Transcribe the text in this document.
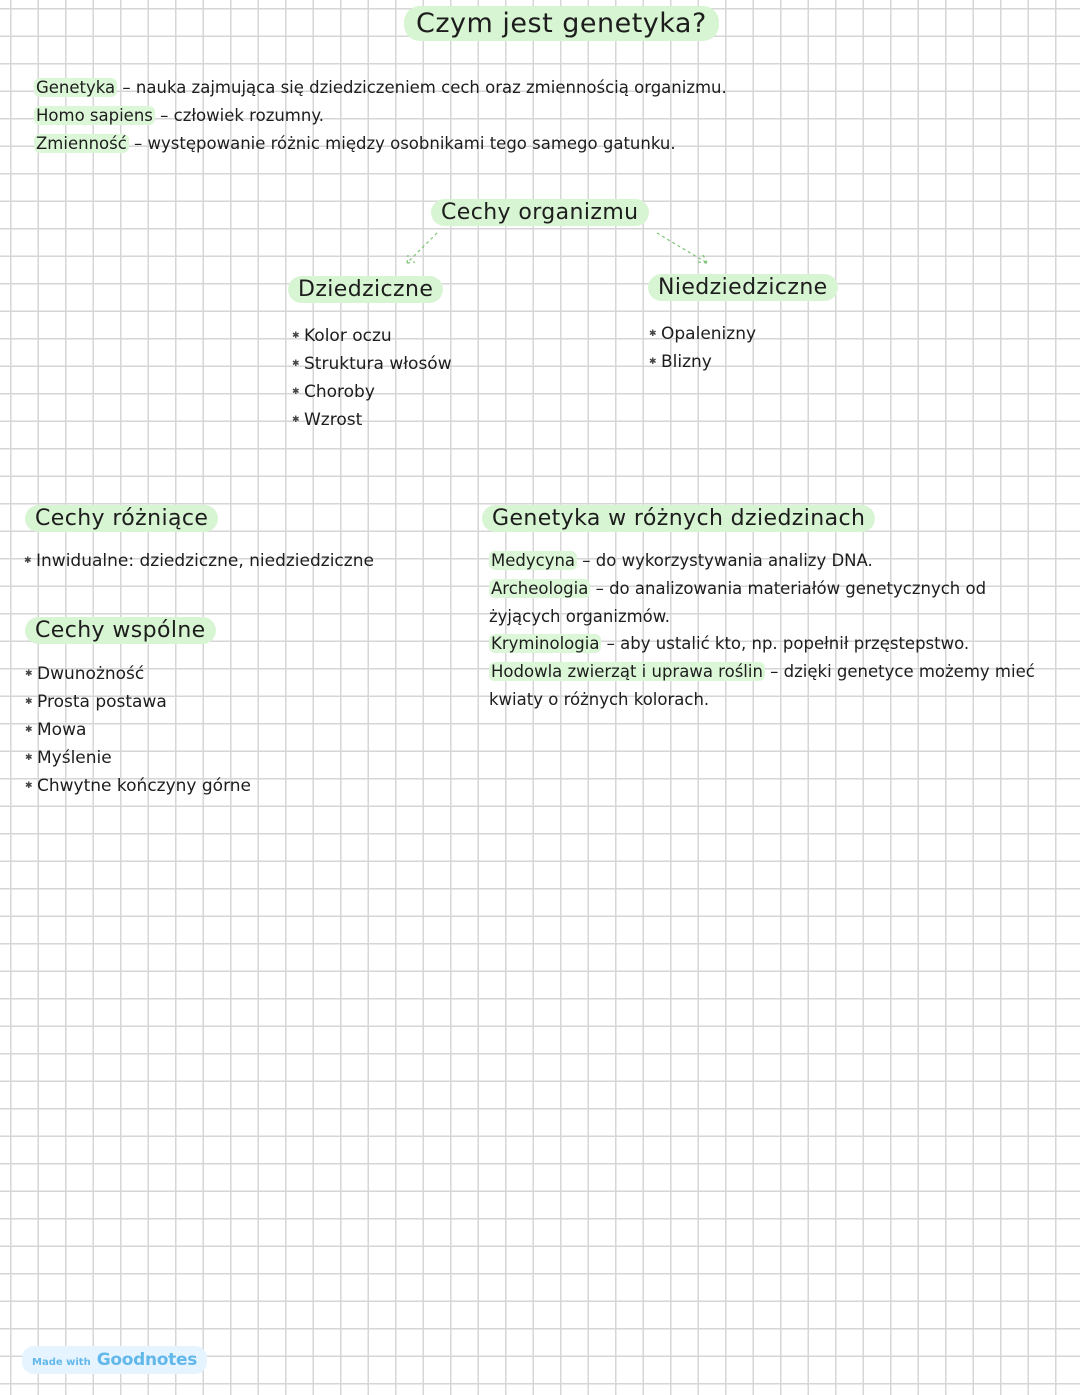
Czym jest genetyka?
Genetyka – nauka zajmująca się dziedziczeniem cech oraz zmiennością organizmu.
Homo sapiens – człowiek rozumny.
Zmienność – występowanie różnic między osobnikami tego samego gatunku.
Cechy organizmu
Dziedziczne
✱ Kolor oczu
✱ Struktura włosów
✱ Choroby
✱ Wzrost
Niedziedziczne
✱ Opalenizny
✱ Blizny
Cechy różniące
✱ Inwidualne: dziedziczne, niedziedziczne
Cechy wspólne
✱ Dwunożność
✱ Prosta postawa
✱ Mowa
✱ Myślenie
✱ Chwytne kończyny górne
Genetyka w różnych dziedzinach
Medycyna – do wykorzystywania analizy DNA.
Archeologia – do analizowania materiałów genetycznych od żyjących organizmów.
Kryminologia – aby ustalić kto, np. popełnił przęstepstwo.
Hodowla zwierząt i uprawa roślin – dzięki genetyce możemy mieć kwiaty o różnych kolorach.
Made with Goodnotes
